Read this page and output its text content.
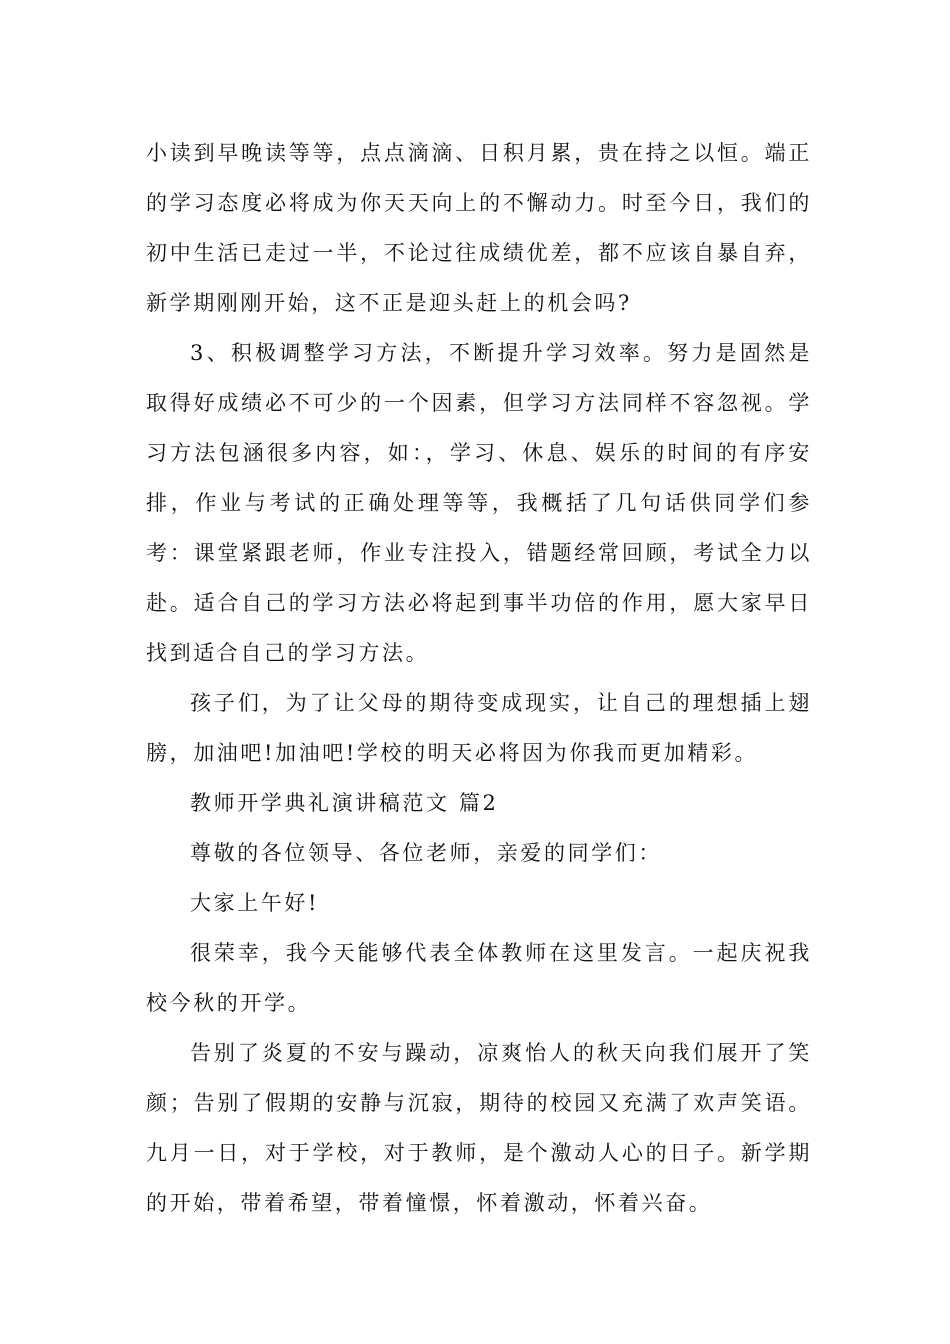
小读到早晚读等等，点点滴滴、日积月累，贵在持之以恒。端正的学习态度必将成为你天天向上的不懈动力。时至今日，我们的初中生活已走过一半，不论过往成绩优差，都不应该自暴自弃，新学期刚刚开始，这不正是迎头赶上的机会吗?

3、积极调整学习方法，不断提升学习效率。努力是固然是取得好成绩必不可少的一个因素，但学习方法同样不容忽视。学习方法包涵很多内容，如：，学习、休息、娱乐的时间的有序安排，作业与考试的正确处理等等，我概括了几句话供同学们参考：课堂紧跟老师，作业专注投入，错题经常回顾，考试全力以赴。适合自己的学习方法必将起到事半功倍的作用，愿大家早日找到适合自己的学习方法。

孩子们，为了让父母的期待变成现实，让自己的理想插上翅膀，加油吧!加油吧!学校的明天必将因为你我而更加精彩。

教师开学典礼演讲稿范文 篇2

尊敬的各位领导、各位老师，亲爱的同学们：

大家上午好!

很荣幸，我今天能够代表全体教师在这里发言。一起庆祝我校今秋的开学。

告别了炎夏的不安与躁动，凉爽怡人的秋天向我们展开了笑颜；告别了假期的安静与沉寂，期待的校园又充满了欢声笑语。九月一日，对于学校，对于教师，是个激动人心的日子。新学期的开始，带着希望，带着憧憬，怀着激动，怀着兴奋。
